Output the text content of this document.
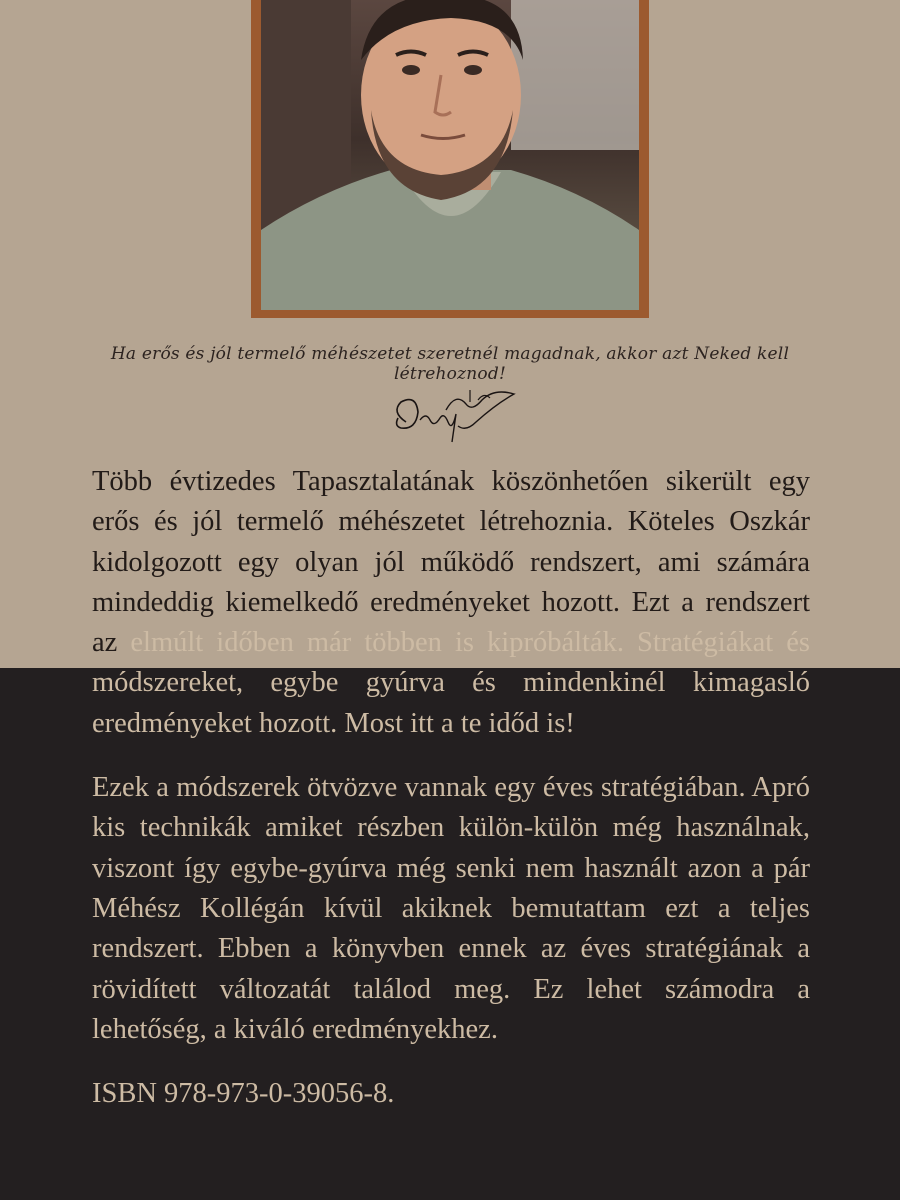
Ha erős és jól termelő méhészetet szeretnél magadnak, akkor azt Neked kell létrehoznod!

Több évtizedes Tapasztalatának köszönhetően sikerült egy erős és jól termelő méhészetet létrehoznia. Köteles Oszkár kidolgozott egy olyan jól működő rendszert, ami számára mindeddig kiemelkedő eredményeket hozott. Ezt a rendszert az elmúlt időben már többen is kipróbálták. Stratégiákat és módszereket, egybe gyúrva és mindenkinél kimagasló eredményeket hozott. Most itt a te időd is!

Ezek a módszerek ötvözve vannak egy éves stratégiában. Apró kis technikák amiket részben külön-külön még használnak, viszont így egybe-gyúrva még senki nem használt azon a pár Méhész Kollégán kívül akiknek bemutattam ezt a teljes rendszert. Ebben a könyvben ennek az éves stratégiának a rövidített változatát találod meg. Ez lehet számodra a lehetőség, a kiváló eredményekhez.

ISBN 978-973-0-39056-8.
